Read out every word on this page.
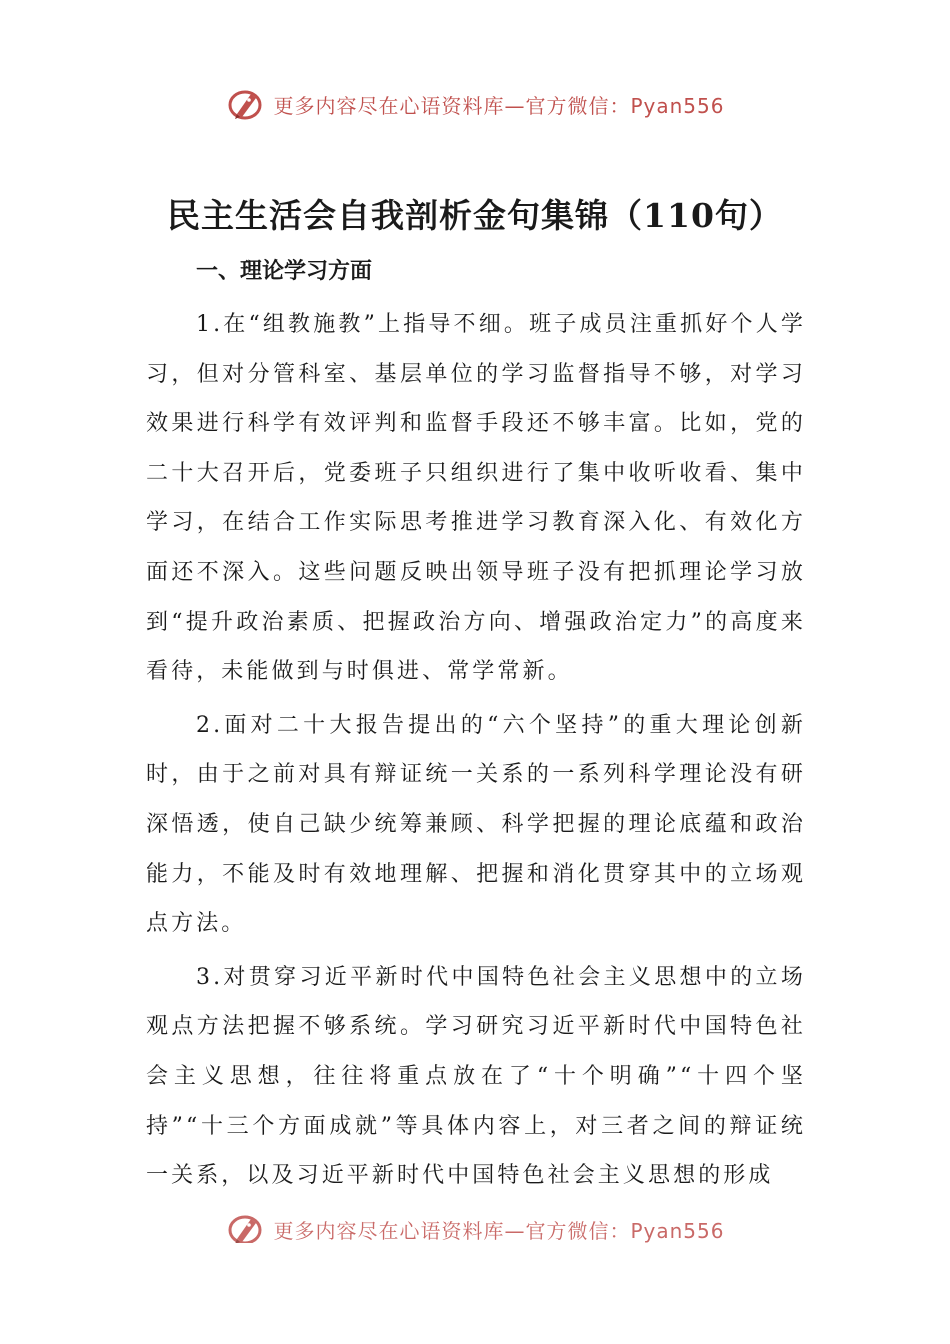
更多内容尽在心语资料库—官方微信：Pyan556
民主生活会自我剖析金句集锦（110句）
一、理论学习方面

1.在“组教施教”上指导不细。班子成员注重抓好个人学习，但对分管科室、基层单位的学习监督指导不够，对学习效果进行科学有效评判和监督手段还不够丰富。比如，党的二十大召开后，党委班子只组织进行了集中收听收看、集中学习，在结合工作实际思考推进学习教育深入化、有效化方面还不深入。这些问题反映出领导班子没有把抓理论学习放到“提升政治素质、把握政治方向、增强政治定力”的高度来看待，未能做到与时俱进、常学常新。

2.面对二十大报告提出的“六个坚持”的重大理论创新时，由于之前对具有辩证统一关系的一系列科学理论没有研深悟透，使自己缺少统筹兼顾、科学把握的理论底蕴和政治能力，不能及时有效地理解、把握和消化贯穿其中的立场观点方法。

3.对贯穿习近平新时代中国特色社会主义思想中的立场观点方法把握不够系统。学习研究习近平新时代中国特色社会主义思想，往往将重点放在了“十个明确”“十四个坚持”“十三个方面成就”等具体内容上，对三者之间的辩证统一关系，以及习近平新时代中国特色社会主义思想的形成

更多内容尽在心语资料库—官方微信：Pyan556
